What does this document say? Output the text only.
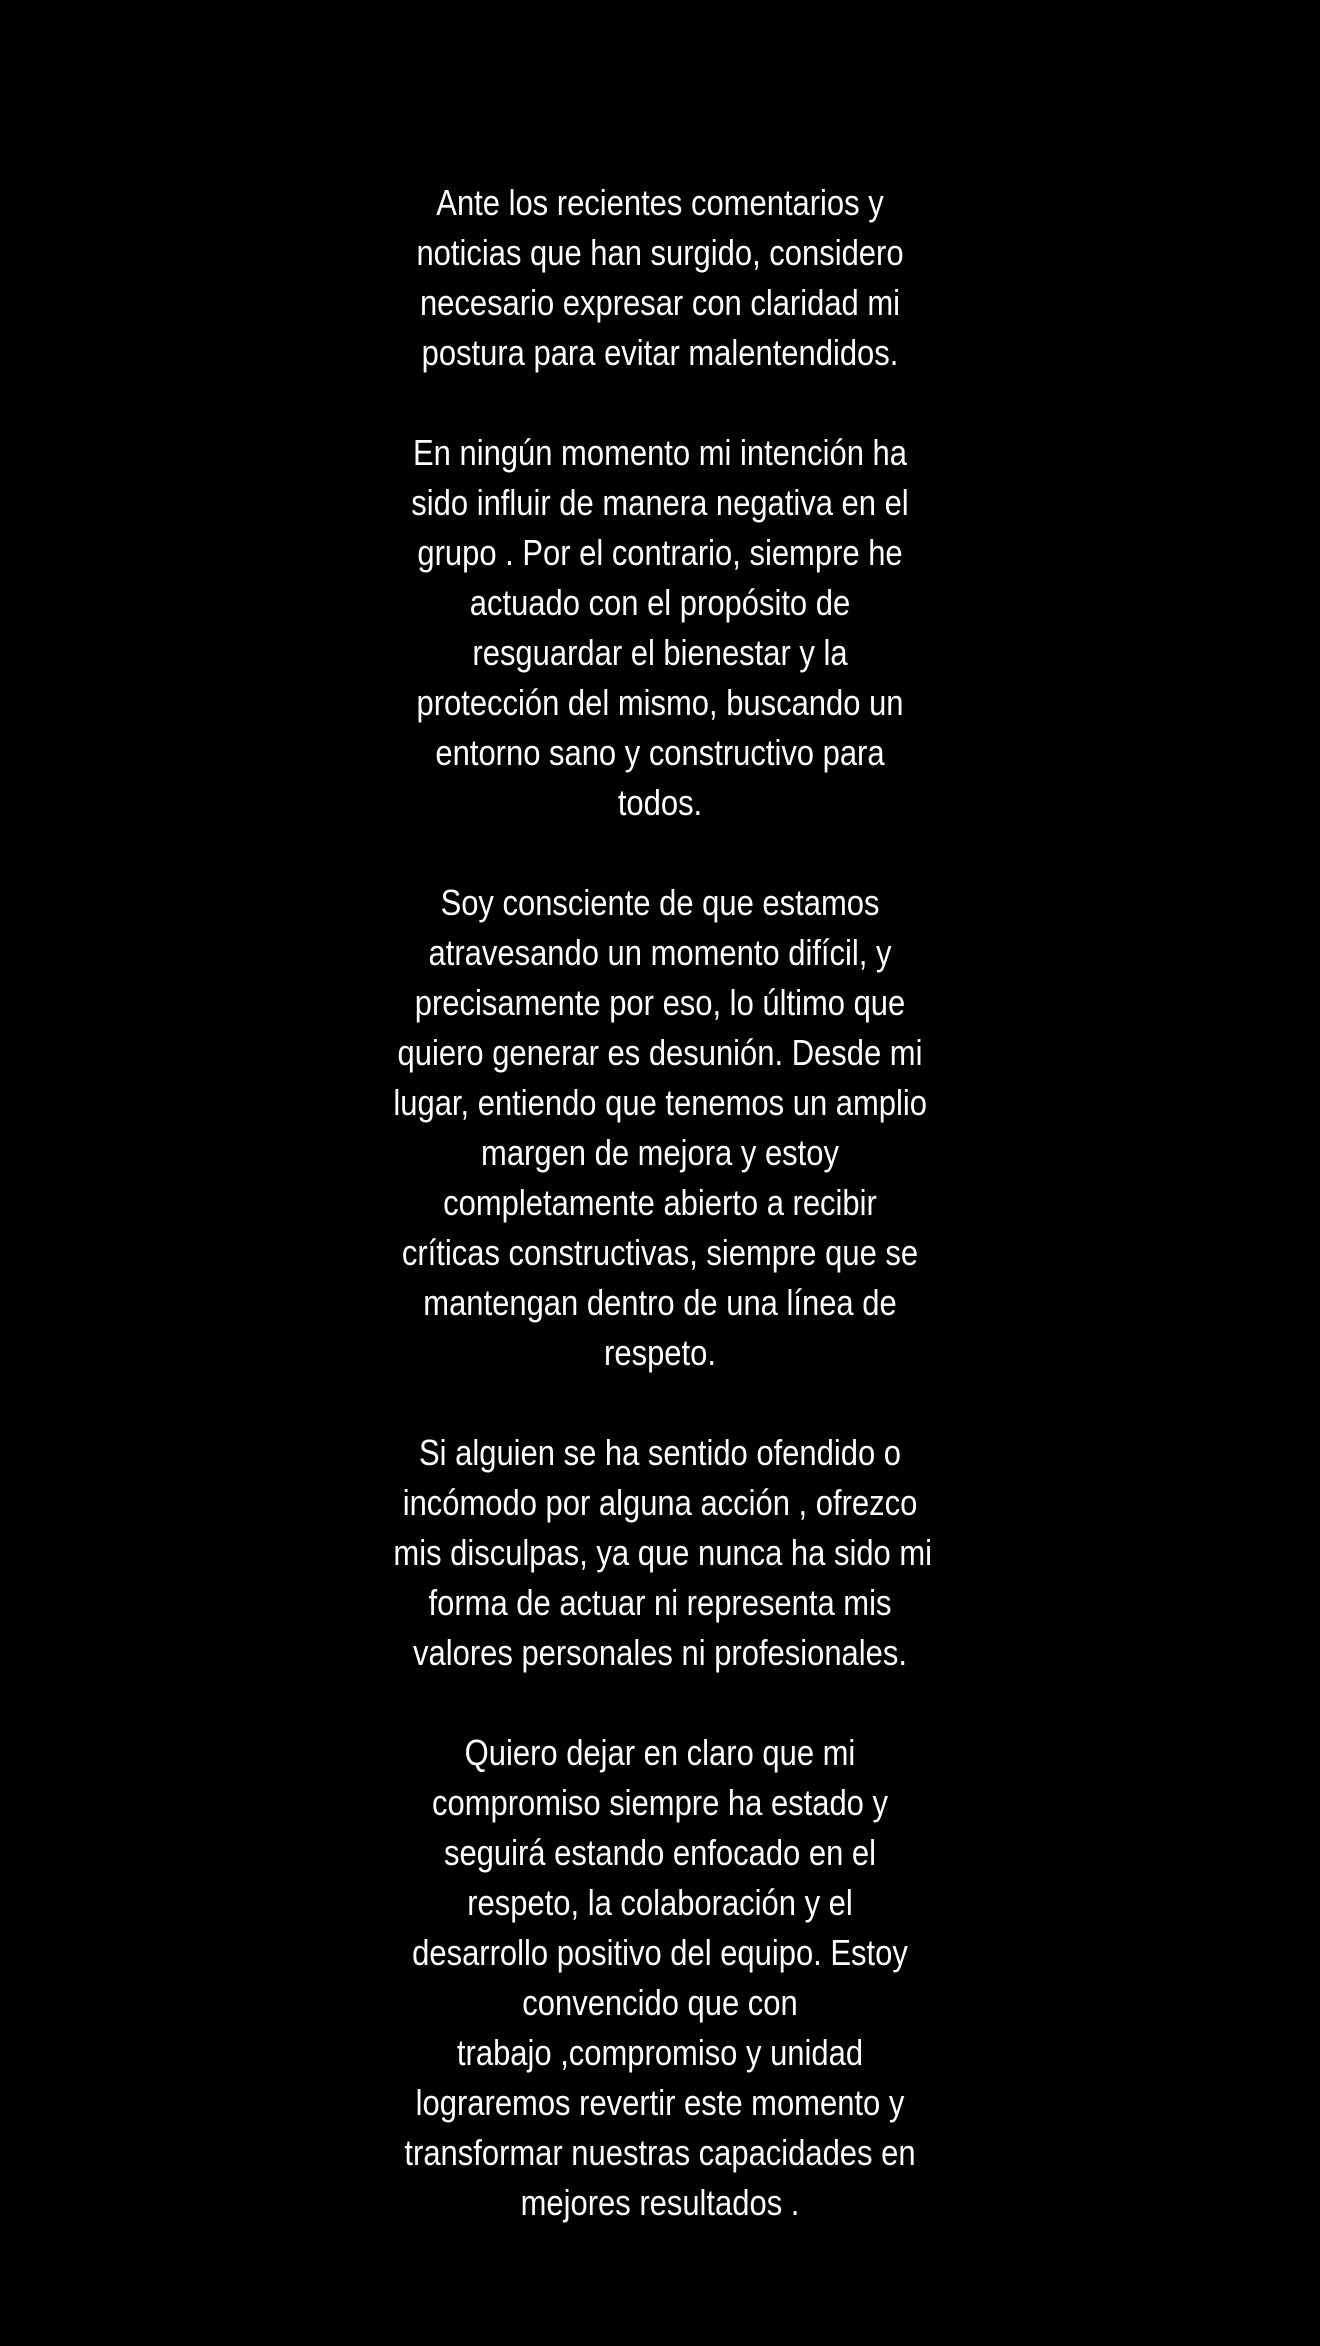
Ante los recientes comentarios y
noticias que han surgido, considero
necesario expresar con claridad mi
postura para evitar malentendidos.

En ningún momento mi intención ha
sido influir de manera negativa en el
grupo . Por el contrario, siempre he
actuado con el propósito de
resguardar el bienestar y la
protección del mismo, buscando un
entorno sano y constructivo para
todos.

Soy consciente de que estamos
atravesando un momento difícil, y
precisamente por eso, lo último que
quiero generar es desunión. Desde mi
lugar, entiendo que tenemos un amplio
margen de mejora y estoy
completamente abierto a recibir
críticas constructivas, siempre que se
mantengan dentro de una línea de
respeto.

Si alguien se ha sentido ofendido o
incómodo por alguna acción , ofrezco
mis disculpas, ya que nunca ha sido mi
forma de actuar ni representa mis
valores personales ni profesionales.

Quiero dejar en claro que mi
compromiso siempre ha estado y
seguirá estando enfocado en el
respeto, la colaboración y el
desarrollo positivo del equipo. Estoy
convencido que con
trabajo ,compromiso y unidad
lograremos revertir este momento y
transformar nuestras capacidades en
mejores resultados .
